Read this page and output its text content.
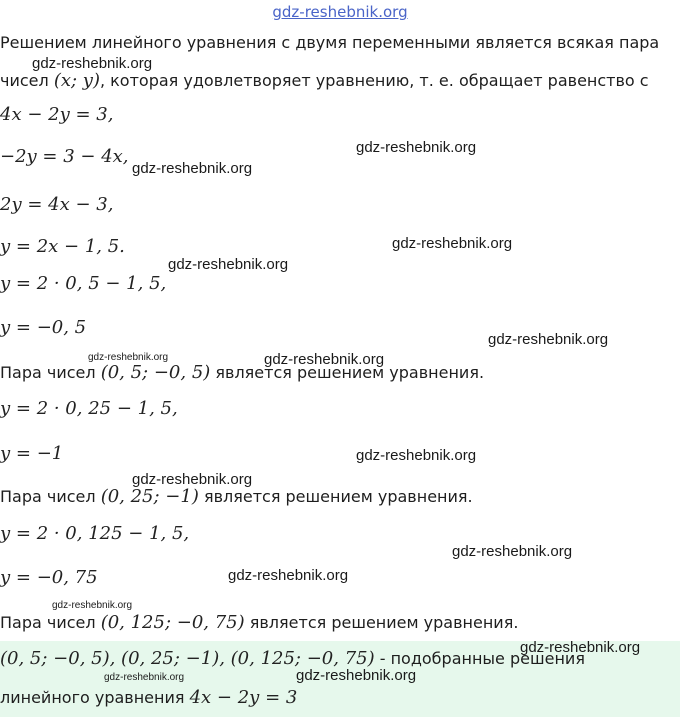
gdz-reshebnik.org
Решением линейного уравнения с двумя переменными является всякая пара
чисел (x; y), которая удовлетворяет уравнению, т. е. обращает равенство с
4x − 2y = 3,
−2y = 3 − 4x,
2y = 4x − 3,
y = 2x − 1, 5.
y = 2 · 0, 5 − 1, 5,
y = −0, 5
Пара чисел (0, 5; −0, 5) является решением уравнения.
y = 2 · 0, 25 − 1, 5,
y = −1
Пара чисел (0, 25; −1) является решением уравнения.
y = 2 · 0, 125 − 1, 5,
y = −0, 75
Пара чисел (0, 125; −0, 75) является решением уравнения.
(0, 5; −0, 5), (0, 25; −1), (0, 125; −0, 75) - подобранные решения
линейного уравнения 4x − 2y = 3
gdz-reshebnik.org
gdz-reshebnik.org
gdz-reshebnik.org
gdz-reshebnik.org
gdz-reshebnik.org
gdz-reshebnik.org
gdz-reshebnik.org	gdz-reshebnik.org
gdz-reshebnik.org
gdz-reshebnik.org
gdz-reshebnik.org
gdz-reshebnik.org
gdz-reshebnik.org
gdz-reshebnik.org
gdz-reshebnik.org	gdz-reshebnik.org
